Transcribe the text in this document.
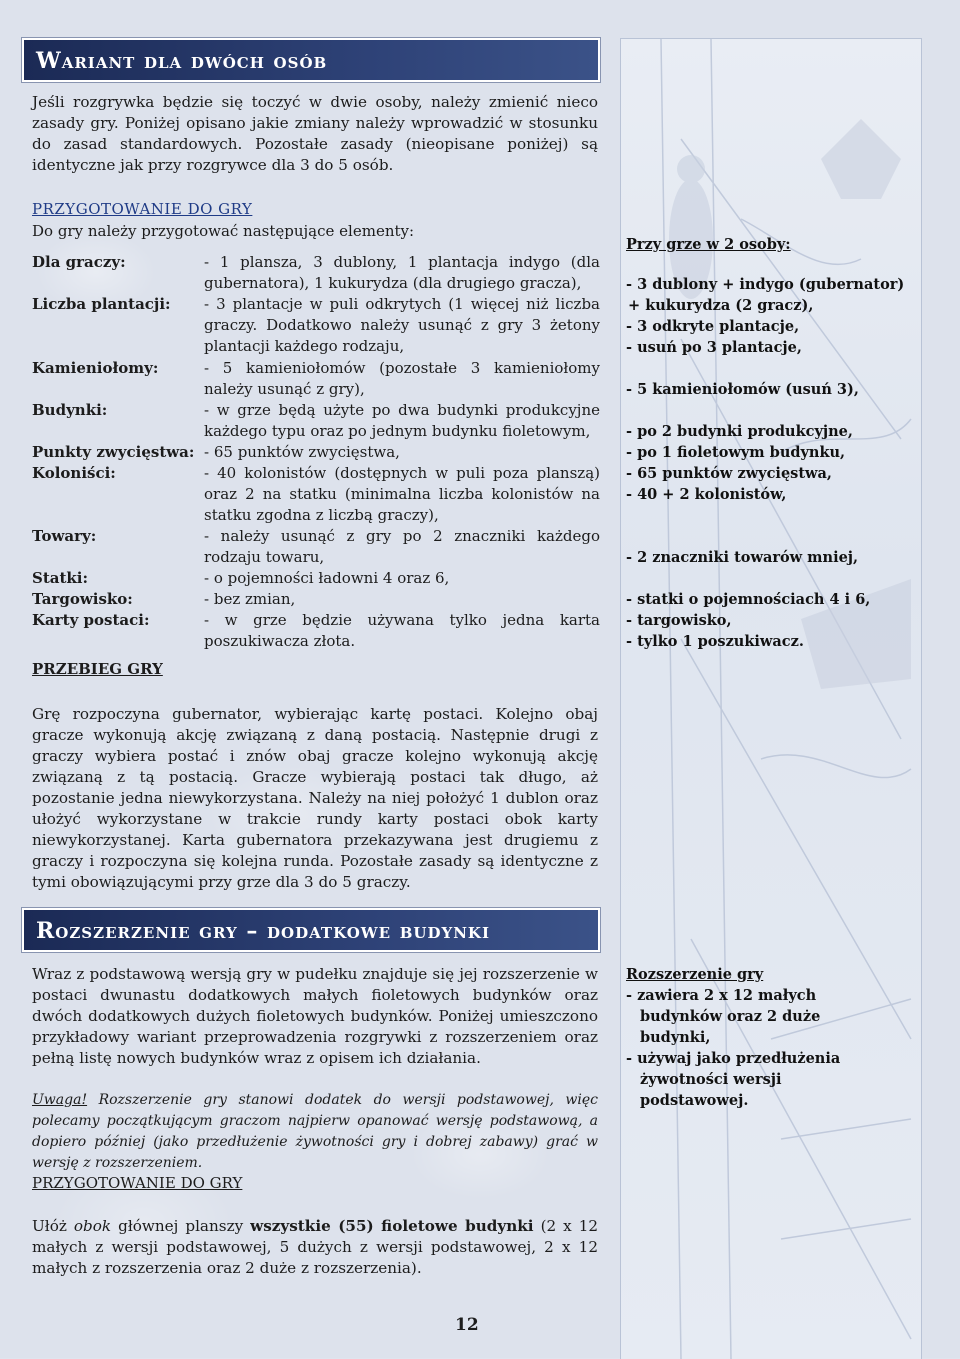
Przy grze w 2 osoby:
- 3 dublony + indygo (gubernator)
+ kukurydza (2 gracz),
- 3 odkryte plantacje,
- usuń po 3 plantacje,
- 5 kamieniołomów (usuń 3),
- po 2 budynki produkcyjne,
- po 1 fioletowym budynku,
- 65 punktów zwycięstwa,
- 40 + 2 kolonistów,
- 2 znaczniki towarów mniej,
- statki o pojemnościach 4 i 6,
- targowisko,
- tylko 1 poszukiwacz.
Rozszerzenie gry
- zawiera 2 x 12 małych
budynków oraz 2 duże
budynki,
- używaj jako przedłużenia
żywotności wersji
podstawowej.
Wariant dla dwóch osób
Jeśli rozgrywka będzie się toczyć w dwie osoby, należy zmienić nieco zasady gry. Poniżej opisano jakie zmiany należy wprowadzić w stosunku do zasad standardowych. Pozostałe zasady (nieopisane poniżej) są identyczne jak przy rozgrywce dla 3 do 5 osób.
PRZYGOTOWANIE DO GRY
Do gry należy przygotować następujące elementy:
Dla graczy:	- 1 plansza, 3 dublony, 1 plantacja indygo (dla gubernatora), 1 kukurydza (dla drugiego gracza),
Liczba plantacji: - 3 plantacje w puli odkrytych (1 więcej niż liczba graczy. Dodatkowo należy usunąć z gry 3 żetony plantacji każdego rodzaju,
Kamieniołomy:	- 5 kamieniołomów (pozostałe 3 kamieniołomy należy usunąć z gry),
Budynki:	- w grze będą użyte po dwa budynki produkcyjne każdego typu oraz po jednym budynku fioletowym,
Punkty zwycięstwa: - 65 punktów zwycięstwa,
Koloniści:	- 40 kolonistów (dostępnych w puli poza planszą) oraz 2 na statku (minimalna liczba kolonistów na statku zgodna z liczbą graczy),
Towary:	- należy usunąć z gry po 2 znaczniki każdego rodzaju towaru,
Statki:	- o pojemności ładowni 4 oraz 6,
Targowisko:	- bez zmian,
Karty postaci:	- w grze będzie używana tylko jedna karta poszukiwacza złota.
PRZEBIEG GRY
Grę rozpoczyna gubernator, wybierając kartę postaci. Kolejno obaj gracze wykonują akcję związaną z daną postacią. Następnie drugi z graczy wybiera postać i znów obaj gracze kolejno wykonują akcję związaną z tą postacią. Gracze wybierają postaci tak długo, aż pozostanie jedna niewykorzystana. Należy na niej położyć 1 dublon oraz ułożyć wykorzystane w trakcie rundy karty postaci obok karty niewykorzystanej. Karta gubernatora przekazywana jest drugiemu z graczy i rozpoczyna się kolejna runda. Pozostałe zasady są identyczne z tymi obowiązującymi przy grze dla 3 do 5 graczy.
Rozszerzenie gry – dodatkowe budynki
Wraz z podstawową wersją gry w pudełku znajduje się jej rozszerzenie w postaci dwunastu dodatkowych małych fioletowych budynków oraz dwóch dodatkowych dużych fioletowych budynków. Poniżej umieszczono przykładowy wariant przeprowadzenia rozgrywki z rozszerzeniem oraz pełną listę nowych budynków wraz z opisem ich działania.
Uwaga! Rozszerzenie gry stanowi dodatek do wersji podstawowej, więc polecamy początkującym graczom najpierw opanować wersję podstawową, a dopiero później (jako przedłużenie żywotności gry i dobrej zabawy) grać w wersję z rozszerzeniem.
PRZYGOTOWANIE DO GRY
Ułóż obok głównej planszy wszystkie (55) fioletowe budynki (2 x 12 małych z wersji podstawowej, 5 dużych z wersji podstawowej, 2 x 12 małych z rozszerzenia oraz 2 duże z rozszerzenia).
12
